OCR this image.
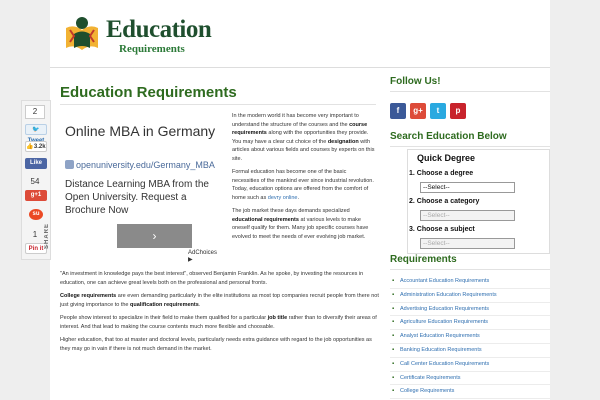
Education
Requirements
Education Requirements
2
🐦
👍3.2k
Like
54
g+1
su
1
Pin it SHARE
Online MBA in Germany
openuniversity.edu/Germany_MBA
Distance Learning MBA from the Open University. Request a Brochure Now
›
AdChoices ▶

In the modern world it has become very important to understand the structure of the courses and the course requirements along with the opportunities they provide. You may have a clear cut choice of the designation with articles about various fields and courses by experts on this site.

Formal education has become one of the basic necessities of the mankind ever since industrial revolution. Today, education options are offered from the comfort of home such as devry online.

The job market these days demands specialized educational requirements at various levels to make oneself qualify for them. Many job specific courses have evolved to meet the needs of ever evolving job market.

"An investment in knowledge pays the best interest", observed Benjamin Franklin. As he spoke, by investing the resources in education, one can achieve great levels both on the professional and personal fronts.

College requirements are even demanding particularly in the elite institutions as most top companies recruit people from there not just giving importance to the qualification requirements.

People show interest to specialize in their field to make them qualified for a particular job title rather than to diversify their areas of interest. And that lead to making the course contents much more flexible and choosable.

Higher education, that too at master and doctoral levels, particularly needs extra guidance with regard to the job opportunities as they may go in vain if there is not much demand in the market.

Follow Us!
f	g+	t	p
Search Education Below
Quick Degree
1. Choose a degree
--Select--
2. Choose a category
--Select--
3. Choose a subject
--Select--
Requirements
▪ Accountant Education Requirements
▪ Administration Education Requirements
▪ Advertising Education Requirements
▪ Agriculture Education Requirements
▪ Analyst Education Requirements
▪ Banking Education Requirements
▪ Call Center Education Requirements
▪ Certificate Requirements
▪ College Requirements
